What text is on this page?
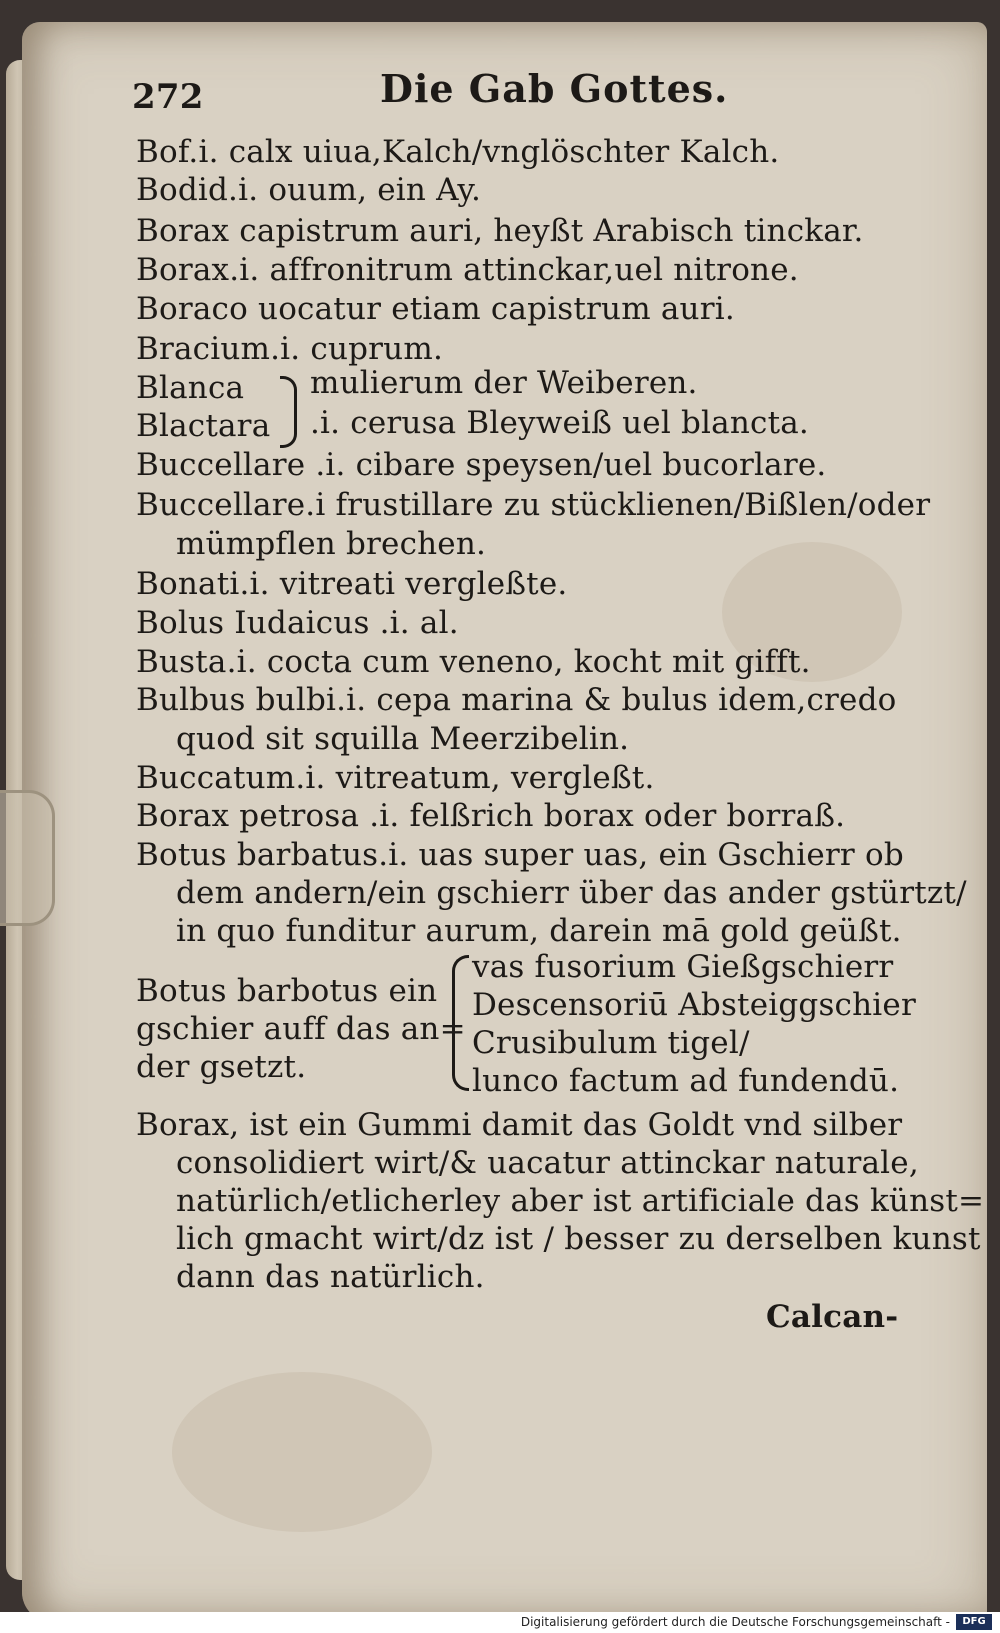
272	Die Gab Gottes.
Bof.i. calx uiua,Kalch/vnglöschter Kalch.
Bodid.i. ouum, ein Ay.
Borax capistrum auri, heyßt Arabisch tinckar.
Borax.i. affronitrum attinckar,uel nitrone.
Boraco uocatur etiam capistrum auri.
Bracium.i. cuprum.
Blanca
Blactara
mulierum der Weiberen.
.i. cerusa Bleyweiß uel blancta.
Buccellare .i. cibare speysen/uel bucorlare.
Buccellare.i frustillare zu stücklienen/Bißlen/oder
mümpflen brechen.
Bonati.i. vitreati vergleßte.
Bolus Iudaicus .i. al.
Busta.i. cocta cum veneno, kocht mit gifft.
Bulbus bulbi.i. cepa marina & bulus idem,credo
quod sit squilla Meerzibelin.
Buccatum.i. vitreatum, vergleßt.
Borax petrosa .i. felßrich borax oder borraß.
Botus barbatus.i. uas super uas, ein Gschierr ob
dem andern/ein gschierr über das ander gstürtzt/
in quo funditur aurum, darein mā gold geüßt.
Botus barbotus ein
gschier auff das an=
der gsetzt.
vas fusorium Gießgschierr
Descensoriū Absteiggschier
Crusibulum tigel/
lunco factum ad fundendū.
Borax, ist ein Gummi damit das Goldt vnd silber
consolidiert wirt/& uacatur attinckar naturale,
natürlich/etlicherley aber ist artificiale das künst=
lich gmacht wirt/dz ist / besser zu derselben kunst
dann das natürlich.
Calcan-
Digitalisierung gefördert durch die Deutsche Forschungsgemeinschaft -	DFG
